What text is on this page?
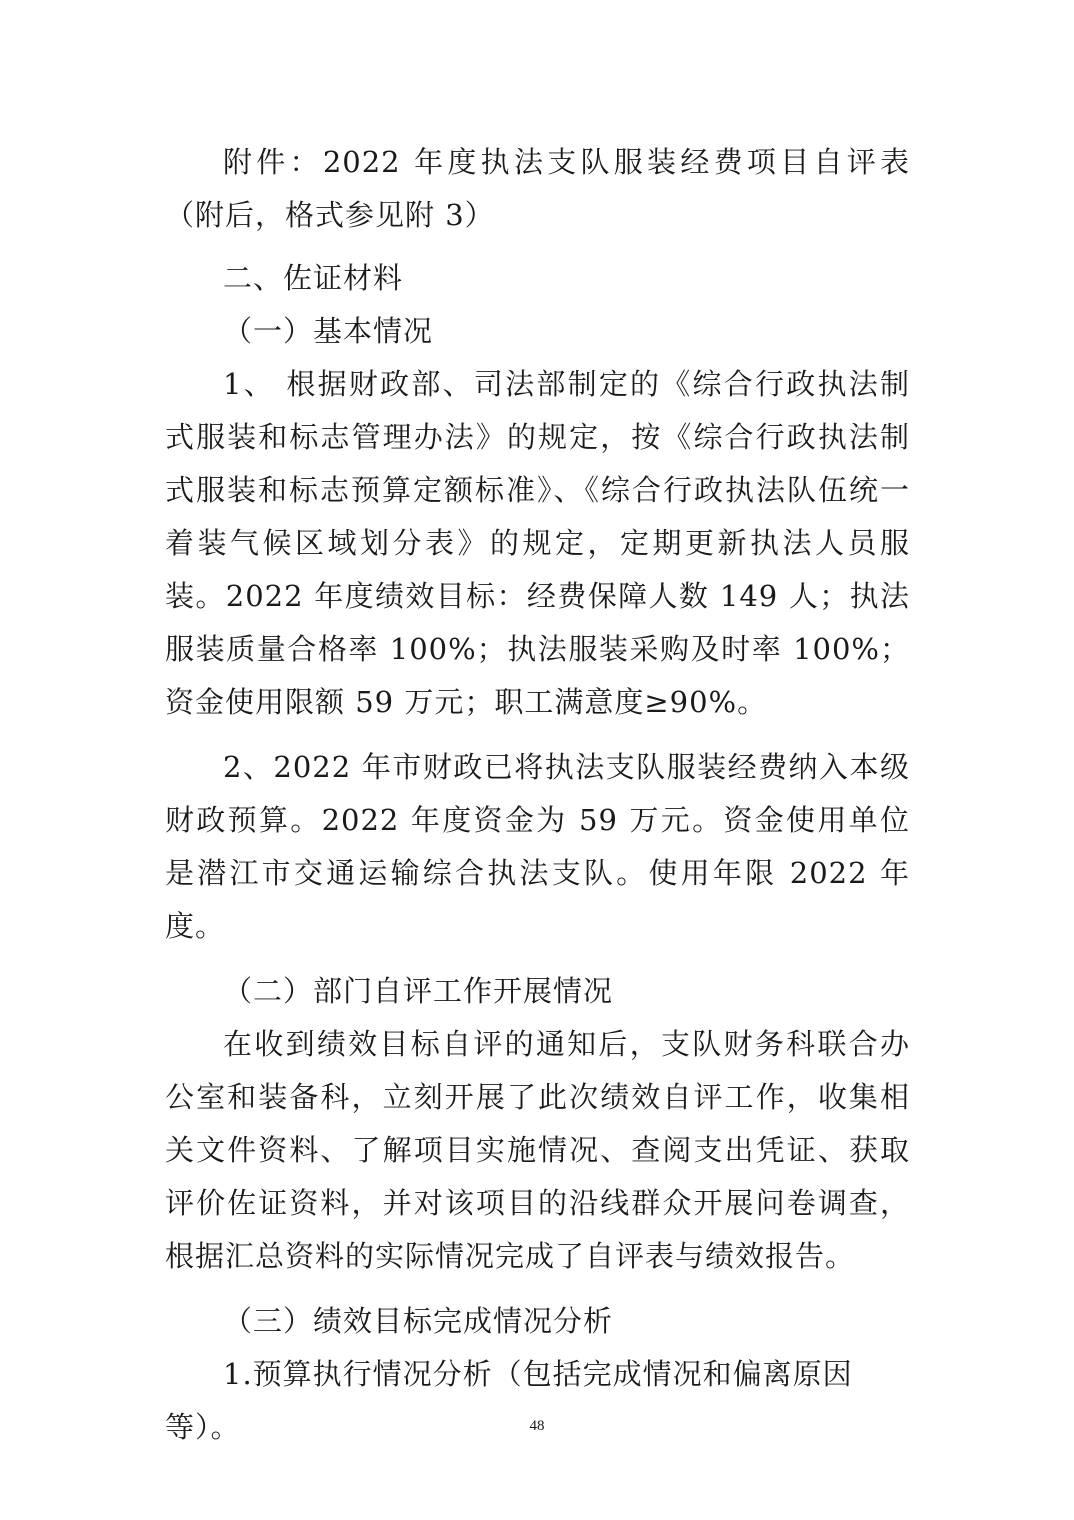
附件：2022 年度执法支队服装经费项目自评表（附后，格式参见附 3）

二、佐证材料

（一）基本情况

1、 根据财政部、司法部制定的《综合行政执法制式服装和标志管理办法》的规定，按《综合行政执法制式服装和标志预算定额标准》、《综合行政执法队伍统一着装气候区域划分表》的规定，定期更新执法人员服装。2022 年度绩效目标：经费保障人数 149 人；执法服装质量合格率 100%；执法服装采购及时率 100%；资金使用限额 59 万元；职工满意度≥90%。

2、2022 年市财政已将执法支队服装经费纳入本级财政预算。2022 年度资金为 59 万元。资金使用单位是潜江市交通运输综合执法支队。使用年限 2022 年度。

（二）部门自评工作开展情况

在收到绩效目标自评的通知后，支队财务科联合办公室和装备科，立刻开展了此次绩效自评工作，收集相关文件资料、了解项目实施情况、查阅支出凭证、获取评价佐证资料，并对该项目的沿线群众开展问卷调查，根据汇总资料的实际情况完成了自评表与绩效报告。

（三）绩效目标完成情况分析

1.预算执行情况分析（包括完成情况和偏离原因等）。	48
